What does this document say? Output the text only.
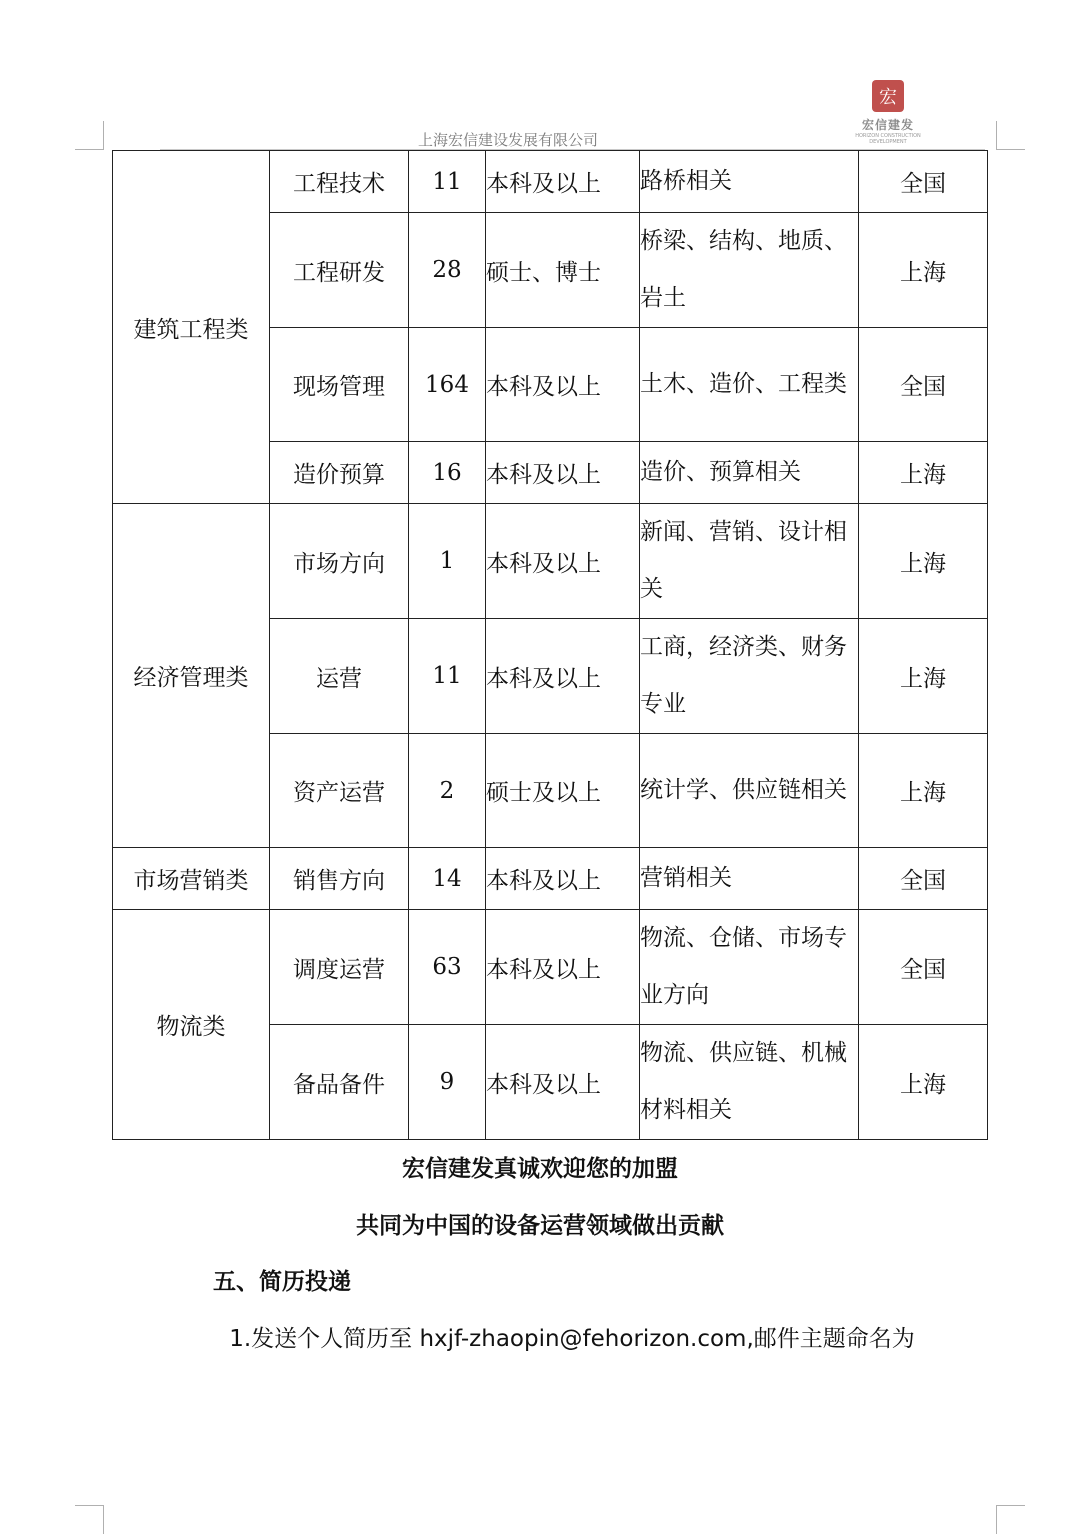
宏
宏信建发
HORIZON CONSTRUCTION DEVELOPMENT
上海宏信建设发展有限公司
建筑工程类	工程技术	11	本科及以上	路桥相关	全国
	工程研发	28	硕士、博士	桥梁、结构、地质、岩土	上海
	现场管理	164	本科及以上	土木、造价、工程类	全国
	造价预算	16	本科及以上	造价、预算相关	上海
经济管理类	市场方向	1	本科及以上	新闻、营销、设计相关	上海
	运营	11	本科及以上	工商，经济类、财务专业	上海
	资产运营	2	硕士及以上	统计学、供应链相关	上海
市场营销类	销售方向	14	本科及以上	营销相关	全国
物流类	调度运营	63	本科及以上	物流、仓储、市场专业方向	全国
	备品备件	9	本科及以上	物流、供应链、机械材料相关	上海
宏信建发真诚欢迎您的加盟
共同为中国的设备运营领域做出贡献
五、简历投递
1.发送个人简历至 hxjf-zhaopin@fehorizon.com,邮件主题命名为
